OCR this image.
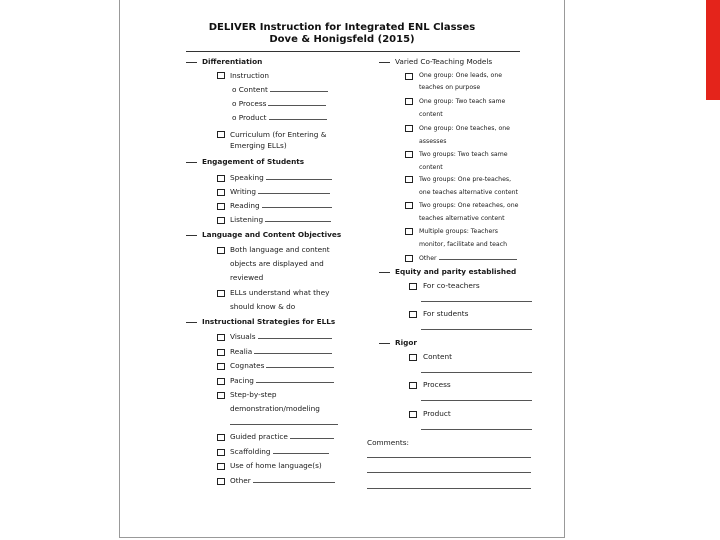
DELIVER Instruction for Integrated ENL Classes
Dove & Honigsfeld (2015)
Differentiation
Instruction
o Content
o Process
o Product
Curriculum (for Entering &
Emerging ELLs)
Engagement of Students
Speaking
Writing
Reading
Listening
Language and Content Objectives
Both language and content
objects are displayed and
reviewed
ELLs understand what they
should know & do
Instructional Strategies for ELLs
Visuals
Realia
Cognates
Pacing
Step-by-step
demonstration/modeling
Guided practice
Scaffolding
Use of home language(s)
Other
Varied Co-Teaching Models
One group: One leads, one
teaches on purpose
One group: Two teach same
content
One group: One teaches, one
assesses
Two groups: Two teach same
content
Two groups: One pre-teaches,
one teaches alternative content
Two groups: One reteaches, one
teaches alternative content
Multiple groups: Teachers
monitor, facilitate and teach
Other
Equity and parity established
For co-teachers
For students
Rigor
Content
Process
Product
Comments:
